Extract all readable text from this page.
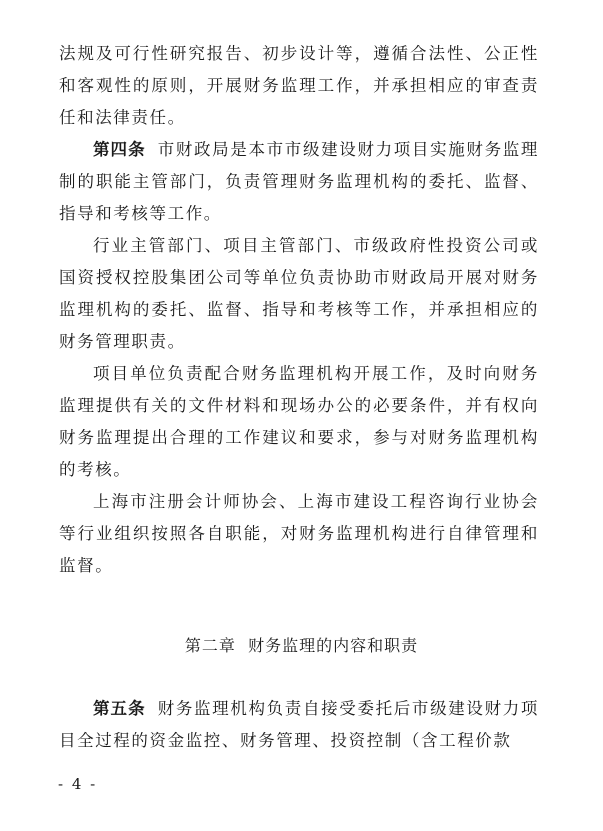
法规及可行性研究报告、初步设计等，遵循合法性、公正性和客观性的原则，开展财务监理工作，并承担相应的审查责任和法律责任。

第四条 市财政局是本市市级建设财力项目实施财务监理制的职能主管部门，负责管理财务监理机构的委托、监督、指导和考核等工作。

行业主管部门、项目主管部门、市级政府性投资公司或国资授权控股集团公司等单位负责协助市财政局开展对财务监理机构的委托、监督、指导和考核等工作，并承担相应的财务管理职责。

项目单位负责配合财务监理机构开展工作，及时向财务监理提供有关的文件材料和现场办公的必要条件，并有权向财务监理提出合理的工作建议和要求，参与对财务监理机构的考核。

上海市注册会计师协会、上海市建设工程咨询行业协会等行业组织按照各自职能，对财务监理机构进行自律管理和监督。

第二章  财务监理的内容和职责

第五条 财务监理机构负责自接受委托后市级建设财力项目全过程的资金监控、财务管理、投资控制（含工程价款

- 4 -
